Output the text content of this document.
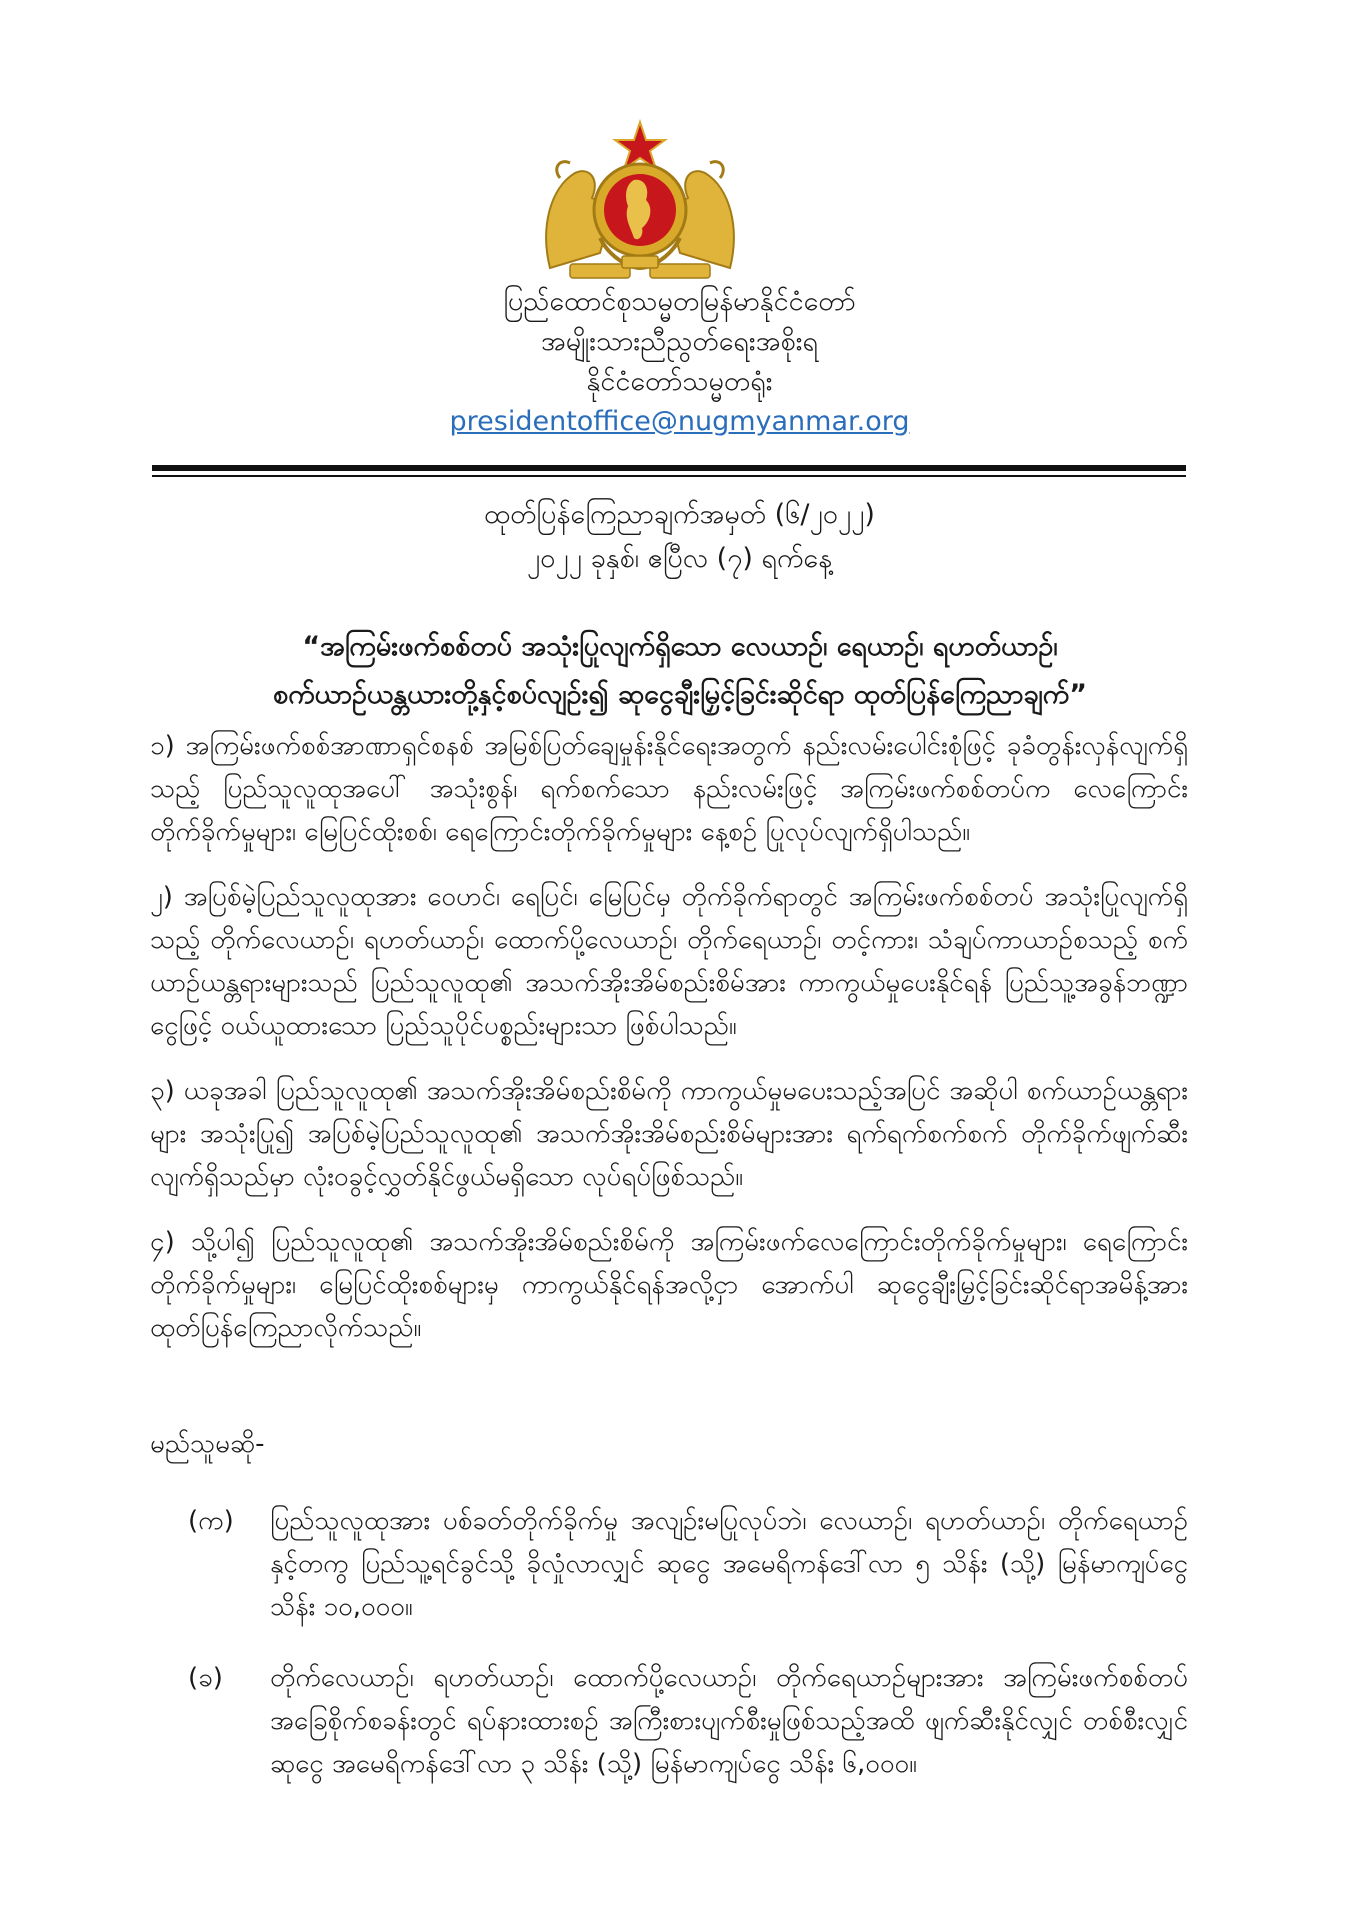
ပြည်ထောင်စုသမ္မတမြန်မာနိုင်ငံတော်
အမျိုးသားညီညွတ်ရေးအစိုးရ
နိုင်ငံတော်သမ္မတရုံး
presidentoffice@nugmyanmar.org
ထုတ်ပြန်ကြေညာချက်အမှတ် (၆/၂၀၂၂)
၂၀၂၂ ခုနှစ်၊ ဧပြီလ (၇) ရက်နေ့
“အကြမ်းဖက်စစ်တပ် အသုံးပြုလျက်ရှိသော လေယာဉ်၊ ရေယာဉ်၊ ရဟတ်ယာဉ်၊
စက်ယာဉ်ယန္တယားတို့နှင့်စပ်လျဉ်း၍ ဆုငွေချီးမြှင့်ခြင်းဆိုင်ရာ ထုတ်ပြန်ကြေညာချက်”

၁) အကြမ်းဖက်စစ်အာဏာရှင်စနစ် အမြစ်ပြတ်ချေမှုန်းနိုင်ရေးအတွက် နည်းလမ်းပေါင်းစုံဖြင့် ခုခံတွန်းလှန်လျက်ရှိသည့် ပြည်သူလူထုအပေါ် အသုံးစွန်၊ ရက်စက်သော နည်းလမ်းဖြင့် အကြမ်းဖက်စစ်တပ်က လေကြောင်းတိုက်ခိုက်မှုများ၊ မြေပြင်ထိုးစစ်၊ ရေကြောင်းတိုက်ခိုက်မှုများ နေ့စဉ် ပြုလုပ်လျက်ရှိပါသည်။

၂) အပြစ်မဲ့ပြည်သူလူထုအား ဝေဟင်၊ ရေပြင်၊ မြေပြင်မှ တိုက်ခိုက်ရာတွင် အကြမ်းဖက်စစ်တပ် အသုံးပြုလျက်ရှိသည့် တိုက်လေယာဉ်၊ ရဟတ်ယာဉ်၊ ထောက်ပို့လေယာဉ်၊ တိုက်ရေယာဉ်၊ တင့်ကား၊ သံချပ်ကာယာဉ်စသည့် စက်ယာဉ်ယန္တရားများသည် ပြည်သူလူထု၏ အသက်အိုးအိမ်စည်းစိမ်အား ကာကွယ်မှုပေးနိုင်ရန် ပြည်သူ့အခွန်ဘဏ္ဍာငွေဖြင့် ဝယ်ယူထားသော ပြည်သူပိုင်ပစ္စည်းများသာ ဖြစ်ပါသည်။

၃) ယခုအခါ ပြည်သူလူထု၏ အသက်အိုးအိမ်စည်းစိမ်ကို ကာကွယ်မှုမပေးသည့်အပြင် အဆိုပါ စက်ယာဉ်ယန္တရားများ အသုံးပြု၍ အပြစ်မဲ့ပြည်သူလူထု၏ အသက်အိုးအိမ်စည်းစိမ်များအား ရက်ရက်စက်စက် တိုက်ခိုက်ဖျက်ဆီးလျက်ရှိသည်မှာ လုံးဝခွင့်လွှတ်နိုင်ဖွယ်မရှိသော လုပ်ရပ်ဖြစ်သည်။

၄) သို့ပါ၍ ပြည်သူလူထု၏ အသက်အိုးအိမ်စည်းစိမ်ကို အကြမ်းဖက်လေကြောင်းတိုက်ခိုက်မှုများ၊ ရေကြောင်းတိုက်ခိုက်မှုများ၊ မြေပြင်ထိုးစစ်များမှ ကာကွယ်နိုင်ရန်အလို့ငှာ အောက်ပါ ဆုငွေချီးမြှင့်ခြင်းဆိုင်ရာအမိန့်အား ထုတ်ပြန်ကြေညာလိုက်သည်။

မည်သူမဆို-
(က)	ပြည်သူလူထုအား ပစ်ခတ်တိုက်ခိုက်မှု အလျဉ်းမပြုလုပ်ဘဲ၊ လေယာဉ်၊ ရဟတ်ယာဉ်၊ တိုက်ရေယာဉ်နှင့်တကွ ပြည်သူ့ရင်ခွင်သို့ ခိုလှုံလာလျှင် ဆုငွေ အမေရိကန်ဒေါ်လာ ၅ သိန်း (သို့) မြန်မာကျပ်ငွေ သိန်း ၁၀,၀၀၀။
(ခ)	တိုက်လေယာဉ်၊ ရဟတ်ယာဉ်၊ ထောက်ပို့လေယာဉ်၊ တိုက်ရေယာဉ်များအား အကြမ်းဖက်စစ်တပ် အခြေစိုက်စခန်းတွင် ရပ်နားထားစဉ် အကြီးစားပျက်စီးမှုဖြစ်သည့်အထိ ဖျက်ဆီးနိုင်လျှင် တစ်စီးလျှင် ဆုငွေ အမေရိကန်ဒေါ်လာ ၃ သိန်း (သို့) မြန်မာကျပ်ငွေ သိန်း ၆,၀၀၀။
